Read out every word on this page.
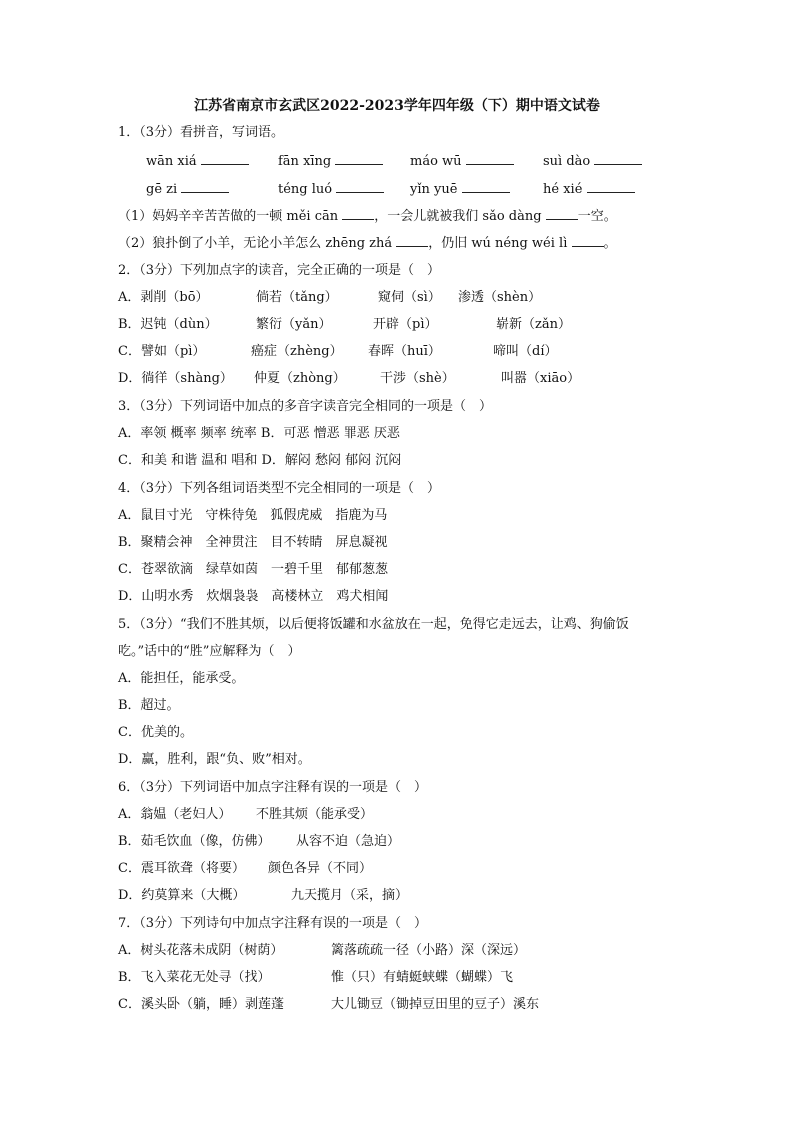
江苏省南京市玄武区2022-2023学年四年级（下）期中语文试卷
1．（3分）看拼音，写词语。
wān xiá	fān xīng	máo wū	suì dào
gē zi	téng luó	yǐn yuē	hé xié
（1）妈妈辛辛苦苦做的一顿 měi cān	，一会儿就被我们 sǎo dàng	一空。
（2）狼扑倒了小羊，无论小羊怎么 zhēng zhá	，仍旧 wú néng wéi lì	。
2．（3分）下列加点字的读音，完全正确的一项是（　）
A．剥削（bō）	倘若（tǎng）	窥伺（sì） 渗透（shèn）
B．迟钝（dùn）	繁衍（yǎn）	开辟（pì）	崭新（zǎn）
C．譬如（pì）	癌症（zhèng） 春晖（huī）	啼叫（dí）
D．徜徉（shàng） 仲夏（zhòng）	干涉（shè）	叫嚣（xiāo）
3．（3分）下列词语中加点的多音字读音完全相同的一项是（　）
A．率领 概率 频率 统率 B．可恶 憎恶 罪恶 厌恶
C．和美 和谐 温和 唱和 D．解闷 愁闷 郁闷 沉闷
4．（3分）下列各组词语类型不完全相同的一项是（　）
A．鼠目寸光　守株待兔　狐假虎威　指鹿为马
B．聚精会神　全神贯注　目不转睛　屏息凝视
C．苍翠欲滴　绿草如茵　一碧千里　郁郁葱葱
D．山明水秀　炊烟袅袅　高楼林立　鸡犬相闻
5．（3分）“我们不胜其烦，以后便将饭罐和水盆放在一起，免得它走远去，让鸡、狗偷饭
吃。”话中的“胜”应解释为（　）
A．能担任，能承受。
B．超过。
C．优美的。
D．赢，胜利，跟“负、败”相对。
6．（3分）下列词语中加点字注释有误的一项是（　）
A．翁媪（老妇人） 不胜其烦（能承受）
B．茹毛饮血（像，仿佛） 从容不迫（急迫）
C．震耳欲聋（将要） 颜色各异（不同）
D．约莫算来（大概）	九天揽月（采，摘）
7．（3分）下列诗句中加点字注释有误的一项是（　）
A．树头花落未成阴（树荫）	篱落疏疏一径（小路）深（深远）
B．飞入菜花无处寻（找）	惟（只）有蜻蜓蛱蝶（蝴蝶）飞
C．溪头卧（躺，睡）剥莲蓬	大儿锄豆（锄掉豆田里的豆子）溪东
